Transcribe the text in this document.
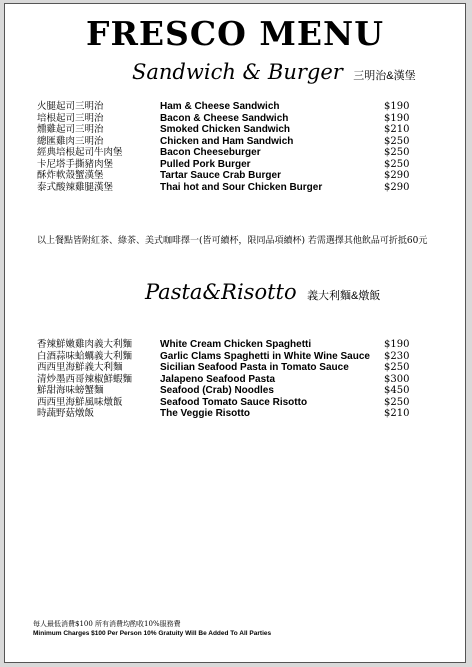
FRESCO MENU
Sandwich & Burger 三明治&漢堡
火腿起司三明治	Ham & Cheese Sandwich	$190
培根起司三明治	Bacon & Cheese Sandwich	$190
燻雞起司三明治	Smoked Chicken Sandwich	$210
總匯雞肉三明治	Chicken and Ham Sandwich	$250
經典培根起司牛肉堡	Bacon Cheeseburger	$250
卡尼塔手撕豬肉堡	Pulled Pork Burger	$250
酥炸軟殼蟹漢堡	Tartar Sauce Crab Burger	$290
泰式酸辣雞腿漢堡	Thai hot and Sour Chicken Burger	$290
以上餐點皆附紅茶、綠茶、美式咖啡擇一(皆可續杯，限同品項續杯) 若需選擇其他飲品可折抵60元
Pasta&Risotto 義大利麵&燉飯
香辣鮮嫩雞肉義大利麵	White Cream Chicken Spaghetti	$190
白酒蒜味蛤蠣義大利麵	Garlic Clams Spaghetti in White Wine Sauce $230
西西里海鮮義大利麵	Sicilian Seafood Pasta in Tomato Sauce	$250
清炒墨西哥辣椒鮮蝦麵	Jalapeno Seafood Pasta	$300
鮮甜海味螃蟹麵	Seafood (Crab) Noodles	$450
西西里海鮮風味燉飯	Seafood Tomato Sauce Risotto	$250
時蔬野菇燉飯	The Veggie Risotto	$210
每人最低消費$100 所有消費均酌收10%服務費
Minimum Charges $100 Per Person 10% Gratuity Will Be Added To All Parties
